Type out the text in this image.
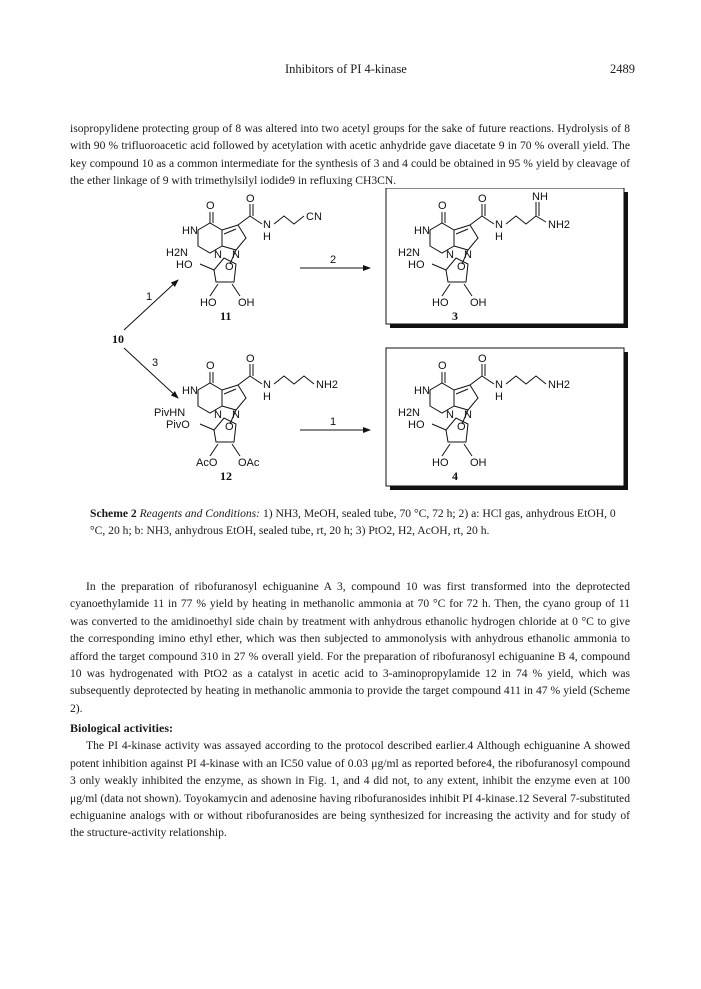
Inhibitors of PI 4-kinase	2489

isopropylidene protecting group of 8 was altered into two acetyl groups for the sake of future reactions. Hydrolysis of 8 with 90 % trifluoroacetic acid followed by acetylation with acetic anhydride gave diacetate 9 in 70 % overall yield. The key compound 10 as a common intermediate for the synthesis of 3 and 4 could be obtained in 95 % yield by cleavage of the ether linkage of 9 with trimethylsilyl iodide9 in refluxing CH3CN.

O
O
HN
H2N N N
N
H
CN
HO	O
HO OH
11
2
O
O	NH
HN
H2N N N
N
H
NH2
HO	O
HO OH
3
10
1
3	O
O
HN
PivHN	N N
N
H
NH2
PivO	O
AcO OAc
12
1
O
O
HN
H2N N N
N
H
NH2
HO	O
HO OH
4
Scheme 2 Reagents and Conditions: 1) NH3, MeOH, sealed tube, 70 °C, 72 h; 2) a: HCl gas, anhydrous EtOH, 0 °C, 20 h; b: NH3, anhydrous EtOH, sealed tube, rt, 20 h; 3) PtO2, H2, AcOH, rt, 20 h.

In the preparation of ribofuranosyl echiguanine A 3, compound 10 was first transformed into the deprotected cyanoethylamide 11 in 77 % yield by heating in methanolic ammonia at 70 °C for 72 h. Then, the cyano group of 11 was converted to the amidinoethyl side chain by treatment with anhydrous ethanolic hydrogen chloride at 0 °C to give the corresponding imino ethyl ether, which was then subjected to ammonolysis with anhydrous ethanolic ammonia to afford the target compound 310 in 27 % overall yield. For the preparation of ribofuranosyl echiguanine B 4, compound 10 was hydrogenated with PtO2 as a catalyst in acetic acid to 3-aminopropylamide 12 in 74 % yield, which was subsequently deprotected by heating in methanolic ammonia to provide the target compound 411 in 47 % yield (Scheme 2).

Biological activities:

The PI 4-kinase activity was assayed according to the protocol described earlier.4 Although echiguanine A showed potent inhibition against PI 4-kinase with an IC50 value of 0.03 μg/ml as reported before4, the ribofuranosyl compound 3 only weakly inhibited the enzyme, as shown in Fig. 1, and 4 did not, to any extent, inhibit the enzyme even at 100 μg/ml (data not shown). Toyokamycin and adenosine having ribofuranosides inhibit PI 4-kinase.12 Several 7-substituted echiguanine analogs with or without ribofuranosides are being synthesized for increasing the activity and for study of the structure-activity relationship.
